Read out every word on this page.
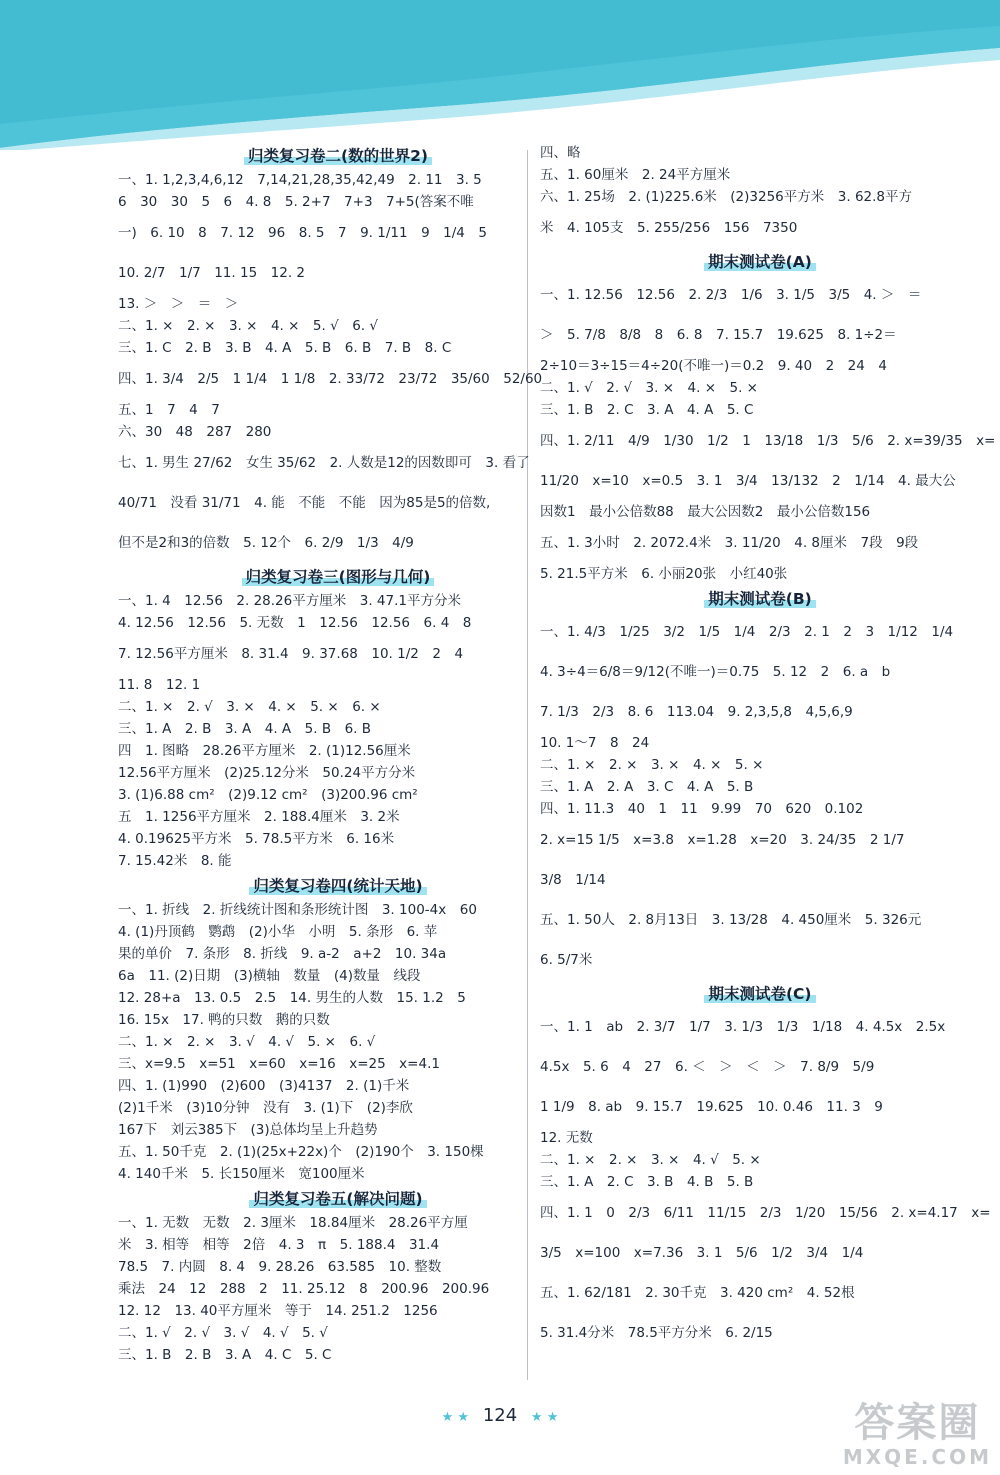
归类复习卷二(数的世界2)

一、1. 1,2,3,4,6,12　7,14,21,28,35,42,49　2. 11　3. 5

6　30　30　5　6　4. 8　5. 2+7　7+3　7+5(答案不唯

一)　6. 10　8　7. 12　96　8. 5　7　9. 1/11　9　1/4　5

10. 2/7　1/7　11. 15　12. 2

13. ＞　＞　＝　＞

二、1. ×　2. ×　3. ×　4. ×　5. √　6. √

三、1. C　2. B　3. B　4. A　5. B　6. B　7. B　8. C

四、1. 3/4　2/5　1 1/4　1 1/8　2. 33/72　23/72　35/60　52/60

五、1　7　4　7

六、30　48　287　280

七、1. 男生 27/62　女生 35/62　2. 人数是12的因数即可　3. 看了

40/71　没看 31/71　4. 能　不能　不能　因为85是5的倍数,

但不是2和3的倍数　5. 12个　6. 2/9　1/3　4/9

归类复习卷三(图形与几何)

一、1. 4　12.56　2. 28.26平方厘米　3. 47.1平方分米

4. 12.56　12.56　5. 无数　1　12.56　12.56　6. 4　8

7. 12.56平方厘米　8. 31.4　9. 37.68　10. 1/2　2　4

11. 8　12. 1

二、1. ×　2. √　3. ×　4. ×　5. ×　6. ×

三、1. A　2. B　3. A　4. A　5. B　6. B

四　1. 图略　28.26平方厘米　2. (1)12.56厘米

12.56平方厘米　(2)25.12分米　50.24平方分米

3. (1)6.88 cm²　(2)9.12 cm²　(3)200.96 cm²

五　1. 1256平方厘米　2. 188.4厘米　3. 2米

4. 0.19625平方米　5. 78.5平方米　6. 16米

7. 15.42米　8. 能

归类复习卷四(统计天地)

一、1. 折线　2. 折线统计图和条形统计图　3. 100-4x　60

4. (1)丹顶鹤　鹦鹉　(2)小华　小明　5. 条形　6. 苹

果的单价　7. 条形　8. 折线　9. a-2　a+2　10. 34a

6a　11. (2)日期　(3)横轴　数量　(4)数量　线段

12. 28+a　13. 0.5　2.5　14. 男生的人数　15. 1.2　5

16. 15x　17. 鸭的只数　鹅的只数

二、1. ×　2. ×　3. √　4. √　5. ×　6. √

三、x=9.5　x=51　x=60　x=16　x=25　x=4.1

四、1. (1)990　(2)600　(3)4137　2. (1)千米

(2)1千米　(3)10分钟　没有　3. (1)下　(2)李欣

167下　刘云385下　(3)总体均呈上升趋势

五、1. 50千克　2. (1)(25x+22x)个　(2)190个　3. 150棵

4. 140千米　5. 长150厘米　宽100厘米

归类复习卷五(解决问题)

一、1. 无数　无数　2. 3厘米　18.84厘米　28.26平方厘

米　3. 相等　相等　2倍　4. 3　π　5. 188.4　31.4

78.5　7. 内圆　8. 4　9. 28.26　63.585　10. 整数

乘法　24　12　288　2　11. 25.12　8　200.96　200.96

12. 12　13. 40平方厘米　等于　14. 251.2　1256

二、1. √　2. √　3. √　4. √　5. √

三、1. B　2. B　3. A　4. C　5. C

四、略

五、1. 60厘米　2. 24平方厘米

六、1. 25场　2. (1)225.6米　(2)3256平方米　3. 62.8平方

米　4. 105支　5. 255/256　156　7350

期末测试卷(A)

一、1. 12.56　12.56　2. 2/3　1/6　3. 1/5　3/5　4. ＞　＝

＞　5. 7/8　8/8　8　6. 8　7. 15.7　19.625　8. 1÷2＝

2÷10＝3÷15＝4÷20(不唯一)＝0.2　9. 40　2　24　4

二、1. √　2. √　3. ×　4. ×　5. ×

三、1. B　2. C　3. A　4. A　5. C

四、1. 2/11　4/9　1/30　1/2　1　13/18　1/3　5/6　2. x=39/35　x=

11/20　x=10　x=0.5　3. 1　3/4　13/132　2　1/14　4. 最大公

因数1　最小公倍数88　最大公因数2　最小公倍数156

五、1. 3小时　2. 2072.4米　3. 11/20　4. 8厘米　7段　9段

5. 21.5平方米　6. 小丽20张　小红40张

期末测试卷(B)

一、1. 4/3　1/25　3/2　1/5　1/4　2/3　2. 1　2　3　1/12　1/4

4. 3÷4＝6/8＝9/12(不唯一)＝0.75　5. 12　2　6. a　b

7. 1/3　2/3　8. 6　113.04　9. 2,3,5,8　4,5,6,9

10. 1～7　8　24

二、1. ×　2. ×　3. ×　4. ×　5. ×

三、1. A　2. A　3. C　4. A　5. B

四、1. 11.3　40　1　11　9.99　70　620　0.102

2. x=15 1/5　x=3.8　x=1.28　x=20　3. 24/35　2 1/7

3/8　1/14

五、1. 50人　2. 8月13日　3. 13/28　4. 450厘米　5. 326元

6. 5/7米

期末测试卷(C)

一、1. 1　ab　2. 3/7　1/7　3. 1/3　1/3　1/18　4. 4.5x　2.5x

4.5x　5. 6　4　27　6. ＜　＞　＜　＞　7. 8/9　5/9

1 1/9　8. ab　9. 15.7　19.625　10. 0.46　11. 3　9

12. 无数

二、1. ×　2. ×　3. ×　4. √　5. ×

三、1. A　2. C　3. B　4. B　5. B

四、1. 1　0　2/3　6/11　11/15　2/3　1/20　15/56　2. x=4.17　x=

3/5　x=100　x=7.36　3. 1　5/6　1/2　3/4　1/4

五、1. 62/181　2. 30千克　3. 420 cm²　4. 52根

5. 31.4分米　78.5平方分米　6. 2/15

★ ★ 124 ★ ★	答案圈
MXQE.COM
